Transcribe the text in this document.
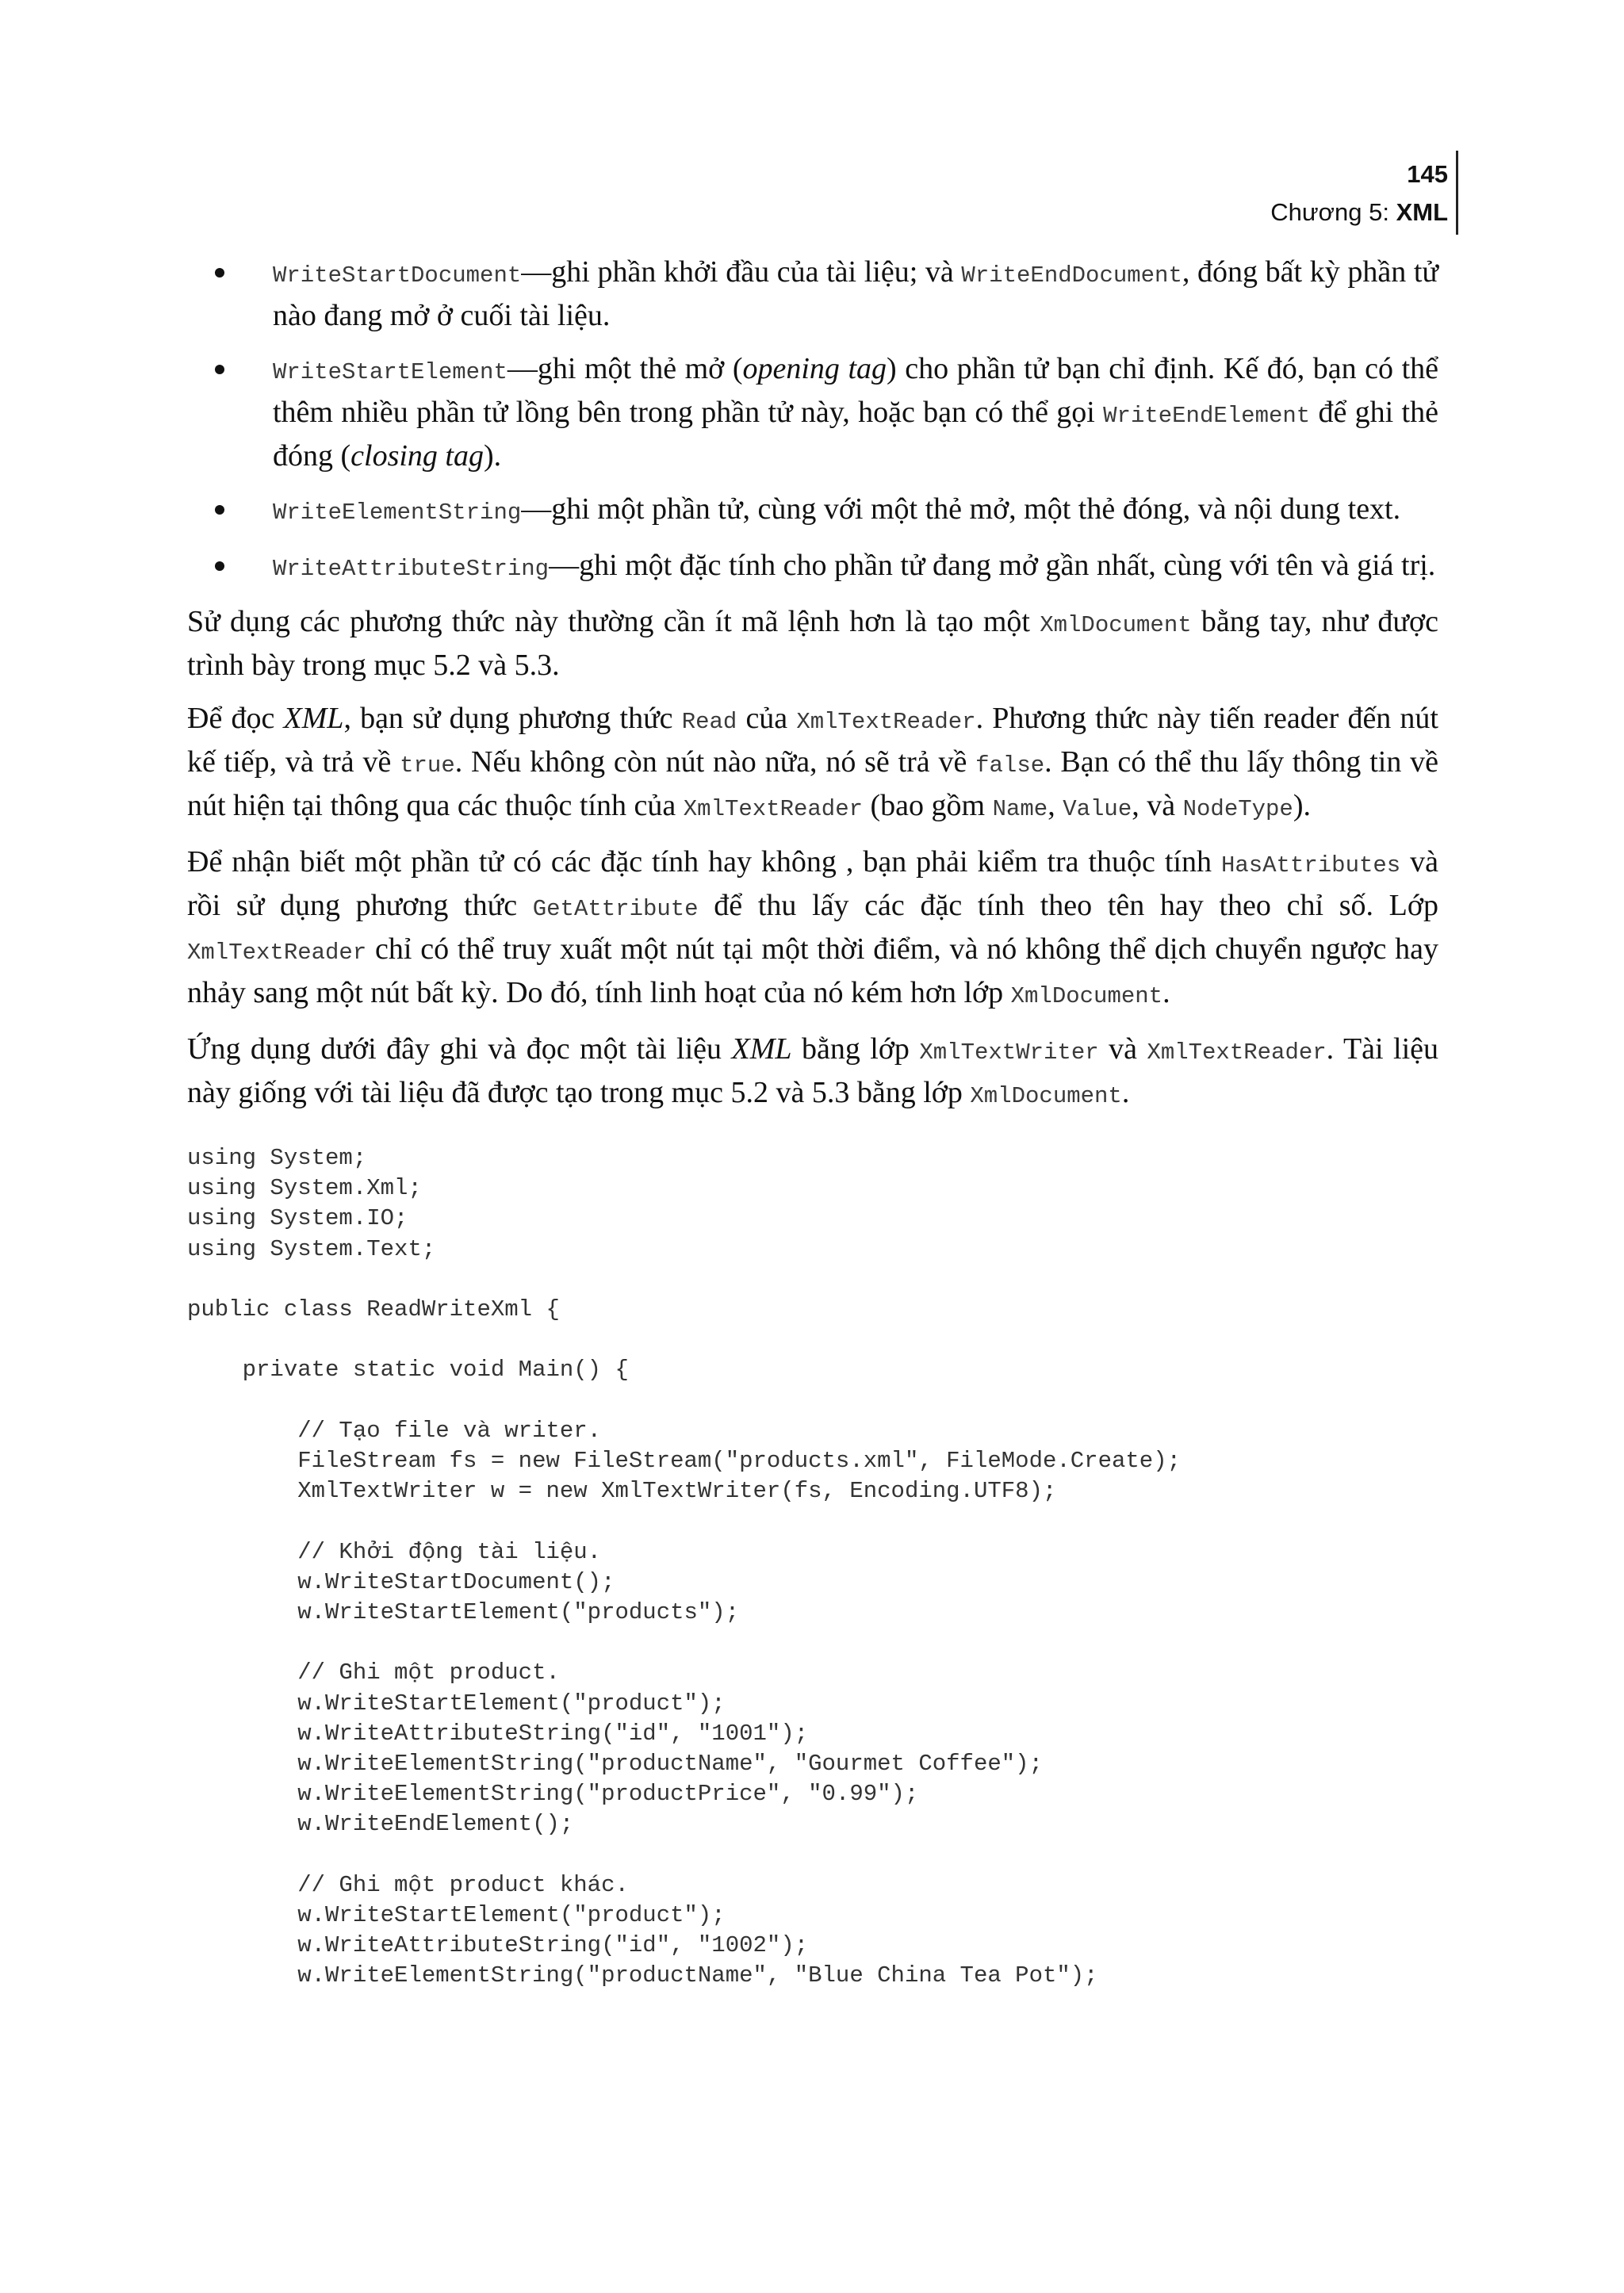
145
Chương 5: XML
WriteStartDocument—ghi phần khởi đầu của tài liệu; và WriteEndDocument, đóng bất kỳ phần tử nào đang mở ở cuối tài liệu.
WriteStartElement—ghi một thẻ mở (opening tag) cho phần tử bạn chỉ định. Kế đó, bạn có thể thêm nhiều phần tử lồng bên trong phần tử này, hoặc bạn có thể gọi WriteEndElement để ghi thẻ đóng (closing tag).
WriteElementString—ghi một phần tử, cùng với một thẻ mở, một thẻ đóng, và nội dung text.
WriteAttributeString—ghi một đặc tính cho phần tử đang mở gần nhất, cùng với tên và giá trị.

Sử dụng các phương thức này thường cần ít mã lệnh hơn là tạo một XmlDocument bằng tay, như được trình bày trong mục 5.2 và 5.3.

Để đọc XML, bạn sử dụng phương thức Read của XmlTextReader. Phương thức này tiến reader đến nút kế tiếp, và trả về true. Nếu không còn nút nào nữa, nó sẽ trả về false. Bạn có thể thu lấy thông tin về nút hiện tại thông qua các thuộc tính của XmlTextReader (bao gồm Name, Value, và NodeType).

Để nhận biết một phần tử có các đặc tính hay không , bạn phải kiểm tra thuộc tính HasAttributes và rồi sử dụng phương thức GetAttribute để thu lấy các đặc tính theo tên hay theo chỉ số. Lớp XmlTextReader chỉ có thể truy xuất một nút tại một thời điểm, và nó không thể dịch chuyển ngược hay nhảy sang một nút bất kỳ. Do đó, tính linh hoạt của nó kém hơn lớp XmlDocument.

Ứng dụng dưới đây ghi và đọc một tài liệu XML bằng lớp XmlTextWriter và XmlTextReader. Tài liệu này giống với tài liệu đã được tạo trong mục 5.2 và 5.3 bằng lớp XmlDocument.

using System;
using System.Xml;
using System.IO;
using System.Text;

public class ReadWriteXml {

private static void Main() {

// Tạo file và writer.
FileStream fs = new FileStream("products.xml", FileMode.Create);
XmlTextWriter w = new XmlTextWriter(fs, Encoding.UTF8);

// Khởi động tài liệu.
w.WriteStartDocument();
w.WriteStartElement("products");

// Ghi một product.
w.WriteStartElement("product");
w.WriteAttributeString("id", "1001");
w.WriteElementString("productName", "Gourmet Coffee");
w.WriteElementString("productPrice", "0.99");
w.WriteEndElement();

// Ghi một product khác.
w.WriteStartElement("product");
w.WriteAttributeString("id", "1002");
w.WriteElementString("productName", "Blue China Tea Pot");
